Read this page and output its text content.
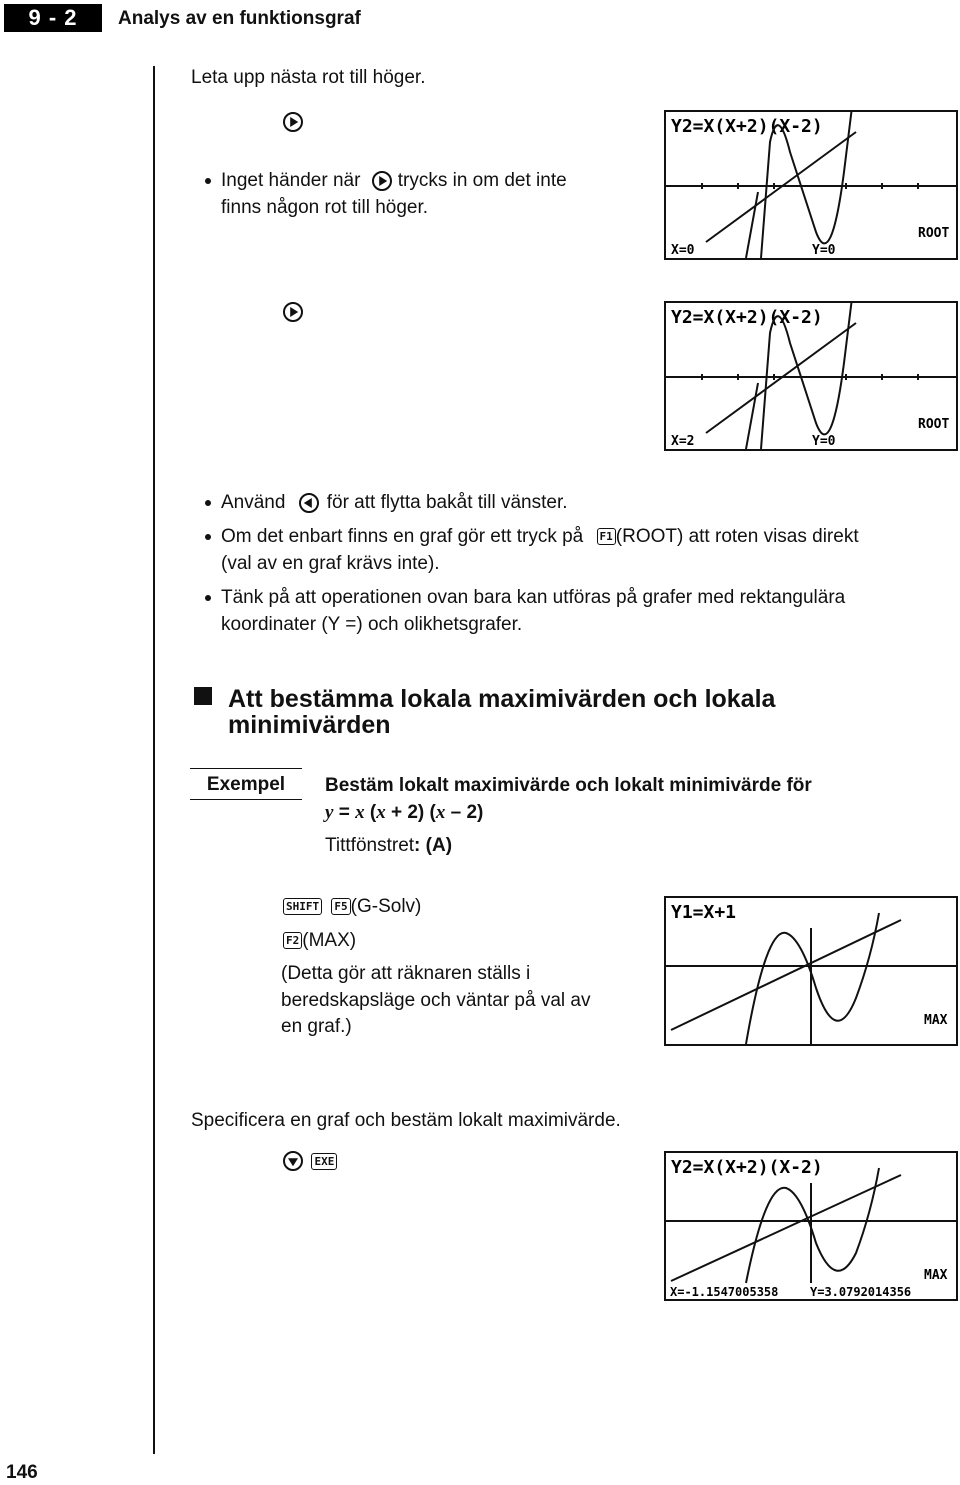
9 - 2	Analys av en funktionsgraf
Leta upp nästa rot till höger.
Inget händer när trycks in om det inte
finns någon rot till höger.
Y2=X(X+2)(X-2)
ROOT
X=0	Y=0
Y2=X(X+2)(X-2)
ROOT
X=2	Y=0
Använd för att flytta bakåt till vänster.
Om det enbart finns en graf gör ett tryck på F1 (ROOT) att roten visas direkt
(val av en graf krävs inte).
Tänk på att operationen ovan bara kan utföras på grafer med rektangulära
koordinater (Y =) och olikhetsgrafer.
Att bestämma lokala maximivärden och lokala
minimivärden
Exempel	Bestäm lokalt maximivärde och lokalt minimivärde för
y = x (x + 2) (x – 2)
Tittfönstret: (A)
SHIFT F5 (G-Solv)
F2 (MAX)
(Detta gör att räknaren ställs i
beredskapsläge och väntar på val av
en graf.)
Y1=X+1
MAX
Specificera en graf och bestäm lokalt maximivärde.
EXE	Y2=X(X+2)(X-2)
MAX
X=-1.1547005358	Y=3.0792014356
146
